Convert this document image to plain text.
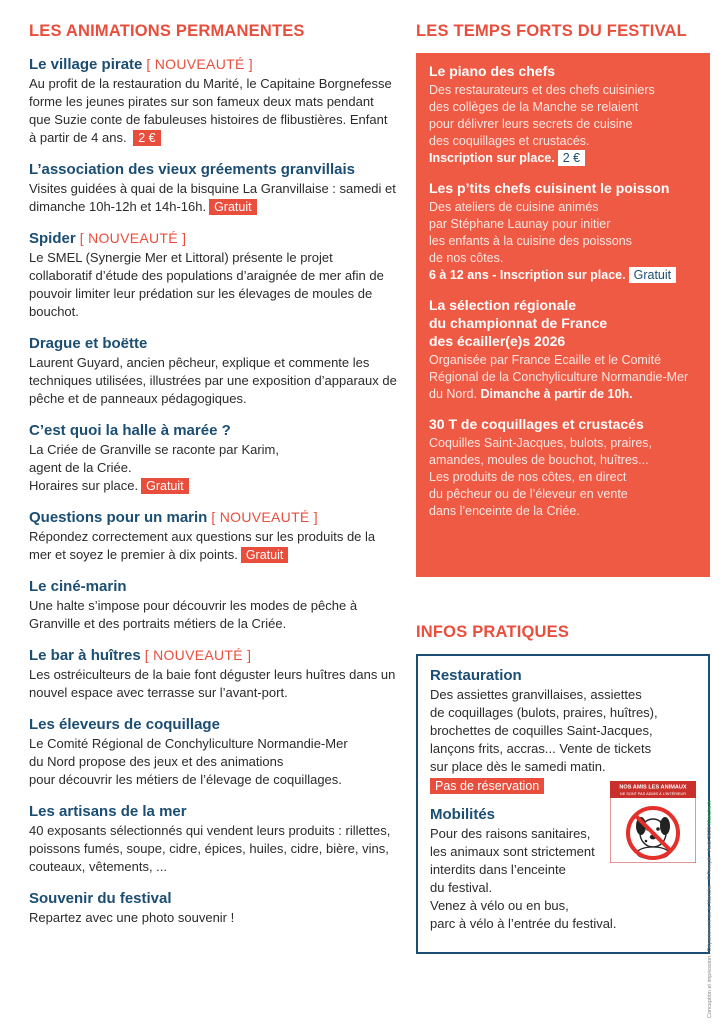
LES ANIMATIONS PERMANENTES

Le village pirate [ NOUVEAUTÉ ]

Au profit de la restauration du Marité, le Capitaine Borgnefesse forme les jeunes pirates sur son fameux deux mats pendant que Suzie conte de fabuleuses histoires de flibustières. Enfant à partir de 4 ans. 2 €

L’association des vieux gréements granvillais

Visites guidées à quai de la bisquine La Granvillaise : samedi et dimanche 10h-12h et 14h-16h. Gratuit

Spider [ NOUVEAUTÉ ]

Le SMEL (Synergie Mer et Littoral) présente le projet collaboratif d’étude des populations d’araignée de mer afin de pouvoir limiter leur prédation sur les élevages de moules de bouchot.

Drague et boëtte

Laurent Guyard, ancien pêcheur, explique et commente les techniques utilisées, illustrées par une exposition d’apparaux de pêche et de panneaux pédagogiques.

C’est quoi la halle à marée ?

La Criée de Granville se raconte par Karim,
agent de la Criée.
Horaires sur place. Gratuit

Questions pour un marin [ NOUVEAUTÉ ]

Répondez correctement aux questions sur les produits de la mer et soyez le premier à dix points. Gratuit

Le ciné-marin

Une halte s’impose pour découvrir les modes de pêche à Granville et des portraits métiers de la Criée.

Le bar à huîtres [ NOUVEAUTÉ ]

Les ostréiculteurs de la baie font déguster leurs huîtres dans un nouvel espace avec terrasse sur l’avant-port.

Les éleveurs de coquillage

Le Comité Régional de Conchyliculture Normandie-Mer
du Nord propose des jeux et des animations
pour découvrir les métiers de l’élevage de coquillages.

Les artisans de la mer

40 exposants sélectionnés qui vendent leurs produits : rillettes, poissons fumés, soupe, cidre, épices, huiles, cidre, bière, vins, couteaux, vêtements, ...

Souvenir du festival

Repartez avec une photo souvenir !

LES TEMPS FORTS DU FESTIVAL

Le piano des chefs

Des restaurateurs et des chefs cuisiniers
des collèges de la Manche se relaient
pour délivrer leurs secrets de cuisine
des coquillages et crustacés.
Inscription sur place. 2 €

Les p’tits chefs cuisinent le poisson

Des ateliers de cuisine animés
par Stéphane Launay pour initier
les enfants à la cuisine des poissons
de nos côtes.
6 à 12 ans - Inscription sur place. Gratuit

La sélection régionale
du championnat de France
des écailler(e)s 2026

Organisée par France Ecaille et le Comité Régional de la Conchyliculture Normandie-Mer du Nord. Dimanche à partir de 10h.

30 T de coquillages et crustacés

Coquilles Saint-Jacques, bulots, praires,
amandes, moules de bouchot, huîtres...
Les produits de nos côtes, en direct
du pêcheur ou de l’éleveur en vente
dans l’enceinte de la Criée.

INFOS PRATIQUES

Restauration

Des assiettes granvillaises, assiettes
de coquillages (bulots, praires, huîtres),
brochettes de coquilles Saint-Jacques,
lançons frits, accras... Vente de tickets
sur place dès le samedi matin.
Pas de réservation

Mobilités

Pour des raisons sanitaires,
les animaux sont strictement
interdits dans l’enceinte
du festival.
Venez à vélo ou en bus,
parc à vélo à l’entrée du festival.

NOS AMIS LES ANIMAUX
NE SONT PAS ADMIS À L’INTÉRIEUR
Conception et impression : Département de la Manche · © Freepik · Août 2025 Manche.fr
